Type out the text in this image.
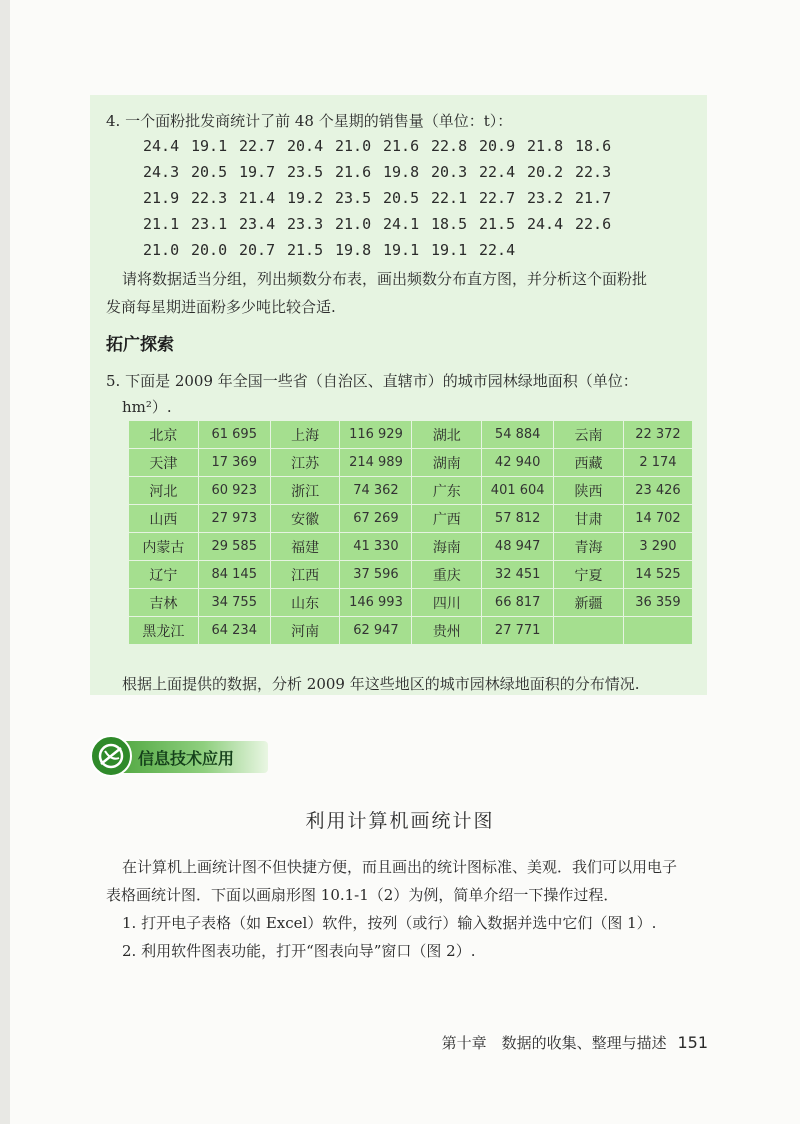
4. 一个面粉批发商统计了前 48 个星期的销售量（单位：t）：
24.4 19.1 22.7 20.4 21.0 21.6 22.8 20.9 21.8 18.6
24.3 20.5 19.7 23.5 21.6 19.8 20.3 22.4 20.2 22.3
21.9 22.3 21.4 19.2 23.5 20.5 22.1 22.7 23.2 21.7
21.1 23.1 23.4 23.3 21.0 24.1 18.5 21.5 24.4 22.6
21.0 20.0 20.7 21.5 19.8 19.1 19.1 22.4
请将数据适当分组，列出频数分布表，画出频数分布直方图，并分析这个面粉批
发商每星期进面粉多少吨比较合适.
拓广探索
5. 下面是 2009 年全国一些省（自治区、直辖市）的城市园林绿地面积（单位：
hm²）.
北京	61 695	上海	116 929	湖北	54 884	云南	22 372
天津	17 369	江苏	214 989	湖南	42 940	西藏	2 174
河北	60 923	浙江	74 362	广东	401 604	陕西	23 426
山西	27 973	安徽	67 269	广西	57 812	甘肃	14 702
内蒙古	29 585	福建	41 330	海南	48 947	青海	3 290
辽宁	84 145	江西	37 596	重庆	32 451	宁夏	14 525
吉林	34 755	山东	146 993	四川	66 817	新疆	36 359
黑龙江	64 234	河南	62 947	贵州	27 771		
根据上面提供的数据，分析 2009 年这些地区的城市园林绿地面积的分布情况.
信息技术应用
利用计算机画统计图
在计算机上画统计图不但快捷方便，而且画出的统计图标准、美观．我们可以用电子
表格画统计图．下面以画扇形图 10.1-1（2）为例，简单介绍一下操作过程．
1. 打开电子表格（如 Excel）软件，按列（或行）输入数据并选中它们（图 1）.
2. 利用软件图表功能，打开“图表向导”窗口（图 2）.
第十章　数据的收集、整理与描述 151
